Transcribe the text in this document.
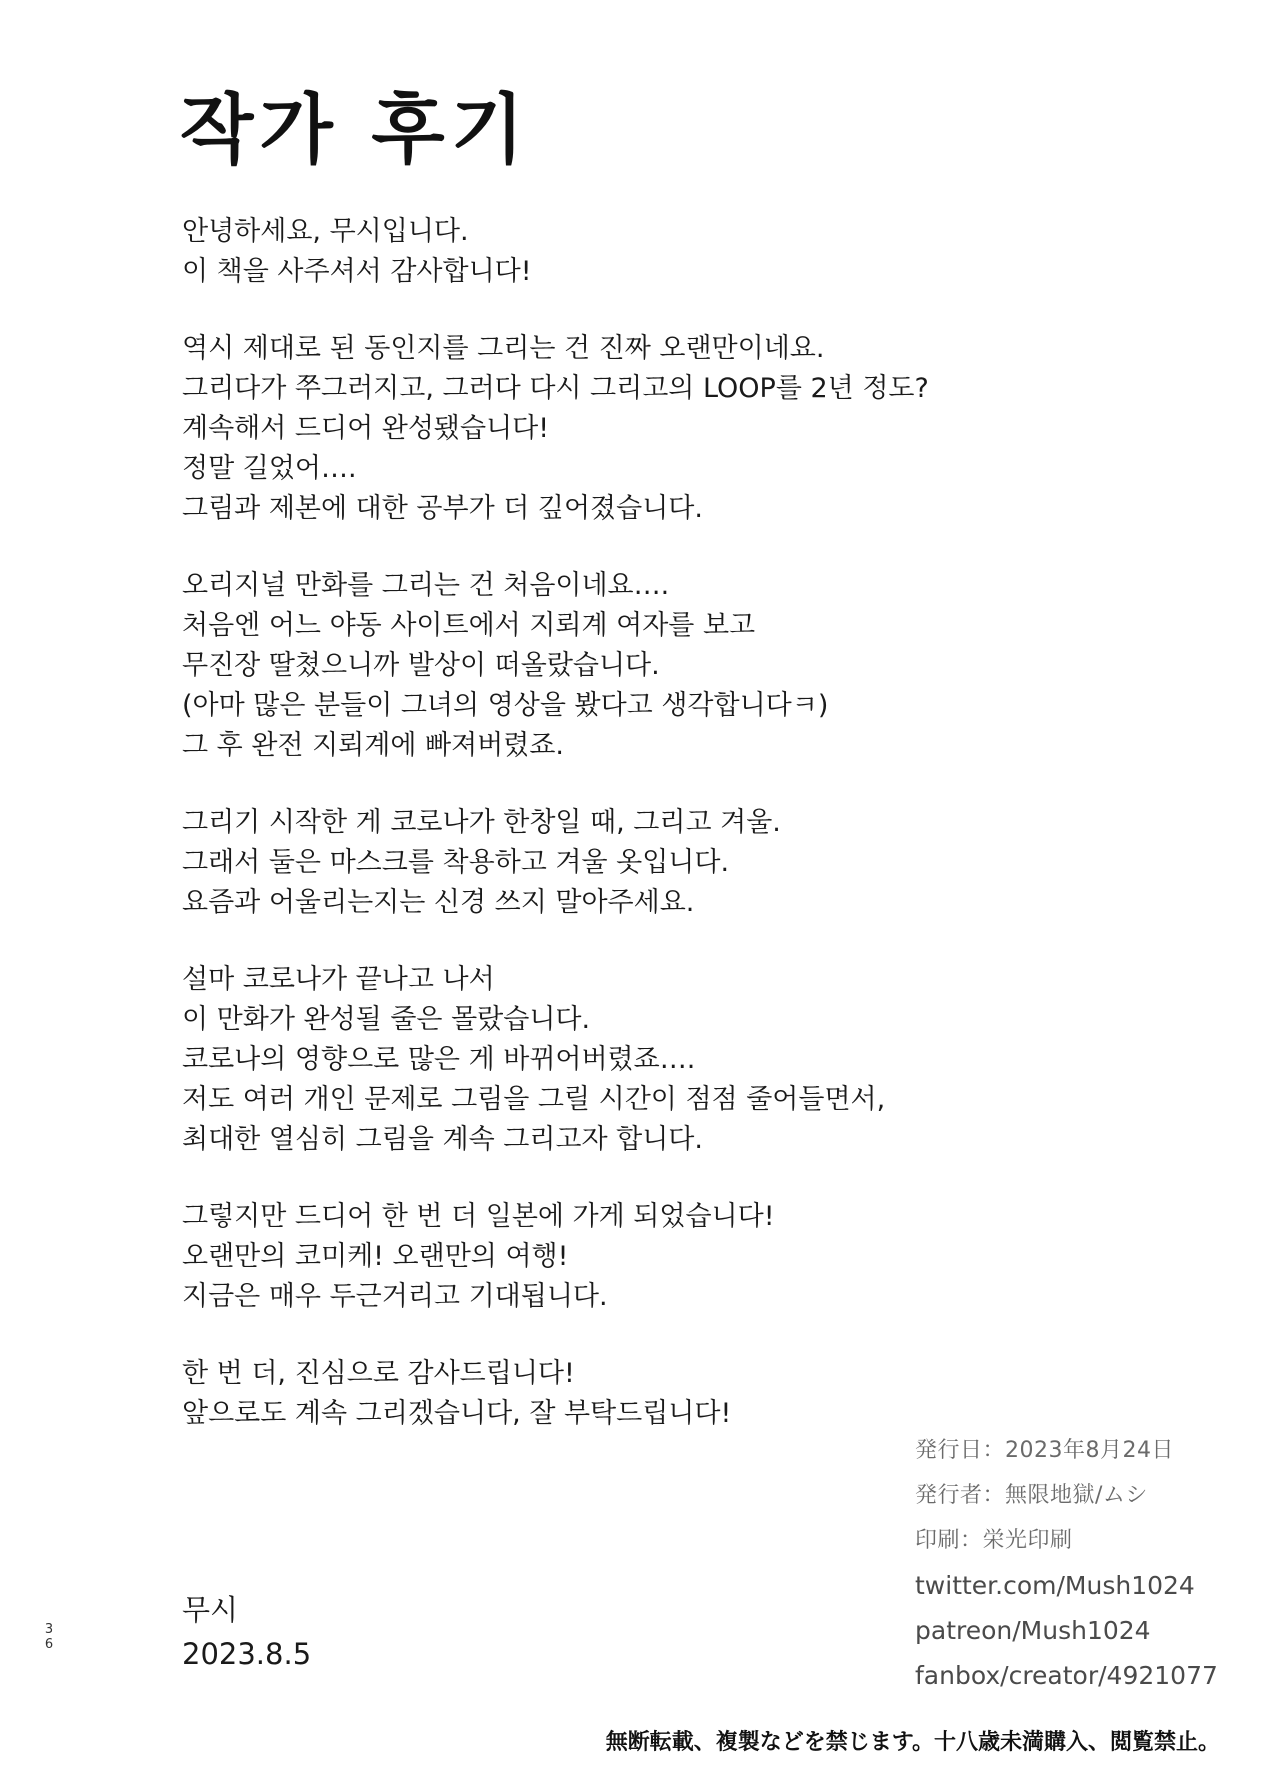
작가 후기

안녕하세요, 무시입니다.
이 책을 사주셔서 감사합니다!

역시 제대로 된 동인지를 그리는 건 진짜 오랜만이네요.
그리다가 쭈그러지고, 그러다 다시 그리고의 LOOP를 2년 정도?
계속해서 드디어 완성됐습니다!
정말 길었어….
그림과 제본에 대한 공부가 더 깊어졌습니다.

오리지널 만화를 그리는 건 처음이네요….
처음엔 어느 야동 사이트에서 지뢰계 여자를 보고
무진장 딸쳤으니까 발상이 떠올랐습니다.
(아마 많은 분들이 그녀의 영상을 봤다고 생각합니다ㅋ)
그 후 완전 지뢰계에 빠져버렸죠.

그리기 시작한 게 코로나가 한창일 때, 그리고 겨울.
그래서 둘은 마스크를 착용하고 겨울 옷입니다.
요즘과 어울리는지는 신경 쓰지 말아주세요.

설마 코로나가 끝나고 나서
이 만화가 완성될 줄은 몰랐습니다.
코로나의 영향으로 많은 게 바뀌어버렸죠….
저도 여러 개인 문제로 그림을 그릴 시간이 점점 줄어들면서,
최대한 열심히 그림을 계속 그리고자 합니다.

그렇지만 드디어 한 번 더 일본에 가게 되었습니다!
오랜만의 코미케! 오랜만의 여행!
지금은 매우 두근거리고 기대됩니다.

한 번 더, 진심으로 감사드립니다!
앞으로도 계속 그리겠습니다, 잘 부탁드립니다!

무시
2023.8.5
3
6
発行日：2023年8月24日
発行者：無限地獄/ムシ
印刷：栄光印刷
twitter.com/Mush1024
patreon/Mush1024
fanbox/creator/4921077
無断転載、複製などを禁じます。十八歳未満購入、閲覧禁止。
